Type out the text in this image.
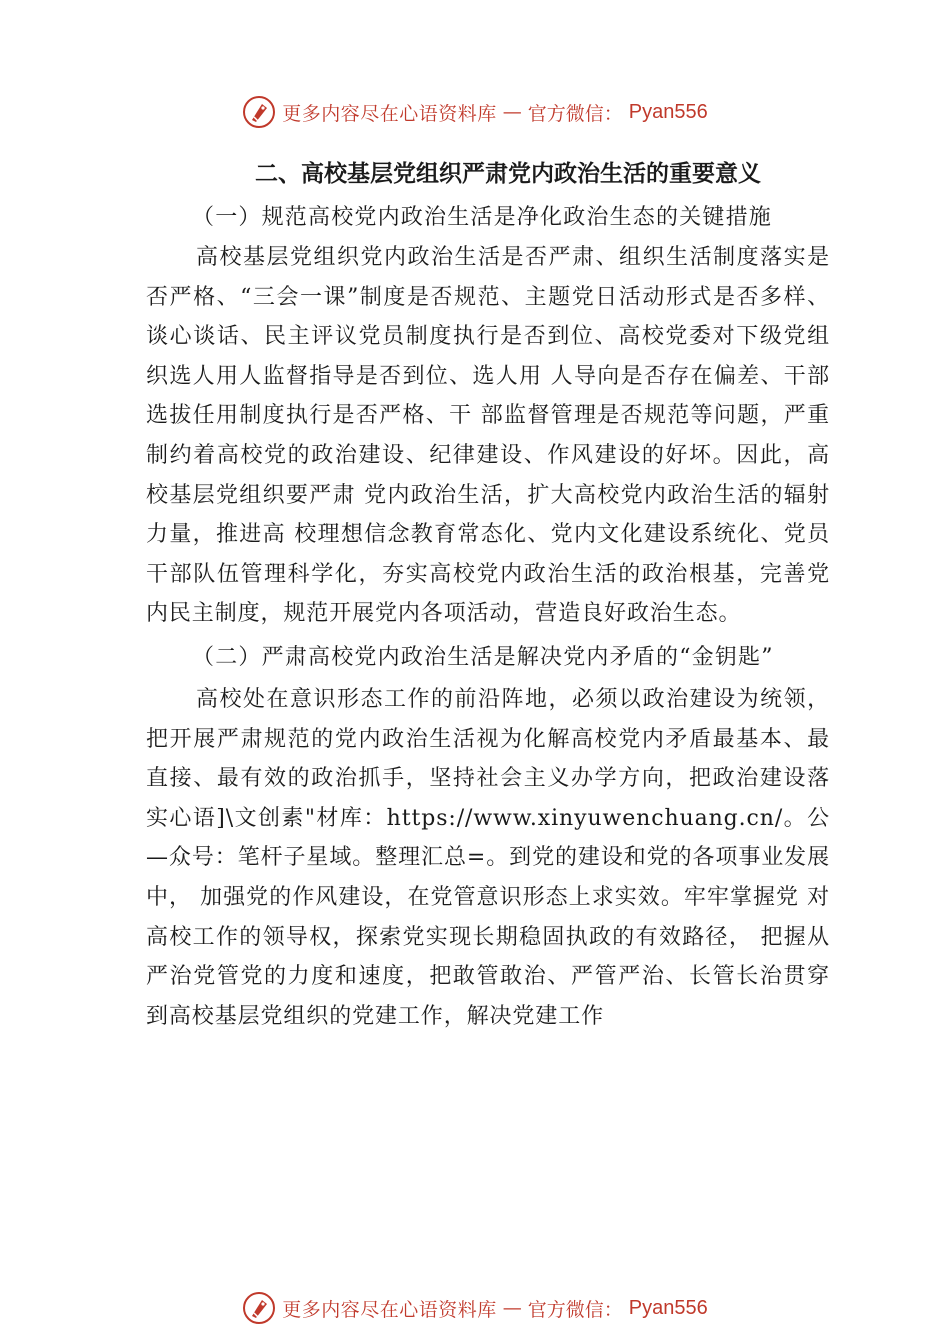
更多内容尽在心语资料库 — 官方微信： Pyan556
二、高校基层党组织严肃党内政治生活的重要意义

（一）规范高校党内政治生活是净化政治生态的关键措施

高校基层党组织党内政治生活是否严肃、组织生活制度落实是否严格、“三会一课”制度是否规范、主题党日活动形式是否多样、谈心谈话、民主评议党员制度执行是否到位、高校党委对下级党组织选人用人监督指导是否到位、选人用 人导向是否存在偏差、干部选拔任用制度执行是否严格、干 部监督管理是否规范等问题，严重制约着高校党的政治建设、纪律建设、作风建设的好坏。因此，高校基层党组织要严肃 党内政治生活，扩大高校党内政治生活的辐射力量，推进高 校理想信念教育常态化、党内文化建设系统化、党员干部队伍管理科学化，夯实高校党内政治生活的政治根基，完善党内民主制度，规范开展党内各项活动，营造良好政治生态。

（二）严肃高校党内政治生活是解决党内矛盾的“金钥匙”

高校处在意识形态工作的前沿阵地，必须以政治建设为统领，把开展严肃规范的党内政治生活视为化解高校党内矛盾最基本、最直接、最有效的政治抓手，坚持社会主义办学方向，把政治建设落实心语]\文创素"材库：https://www.xinyuwenchuang.cn/。公—众号：笔杆子星域。整理汇总=。到党的建设和党的各项事业发展中， 加强党的作风建设，在党管意识形态上求实效。牢牢掌握党 对高校工作的领导权，探索党实现长期稳固执政的有效路径， 把握从严治党管党的力度和速度，把敢管敢治、严管严治、长管长治贯穿到高校基层党组织的党建工作，解决党建工作

更多内容尽在心语资料库 — 官方微信： Pyan556
